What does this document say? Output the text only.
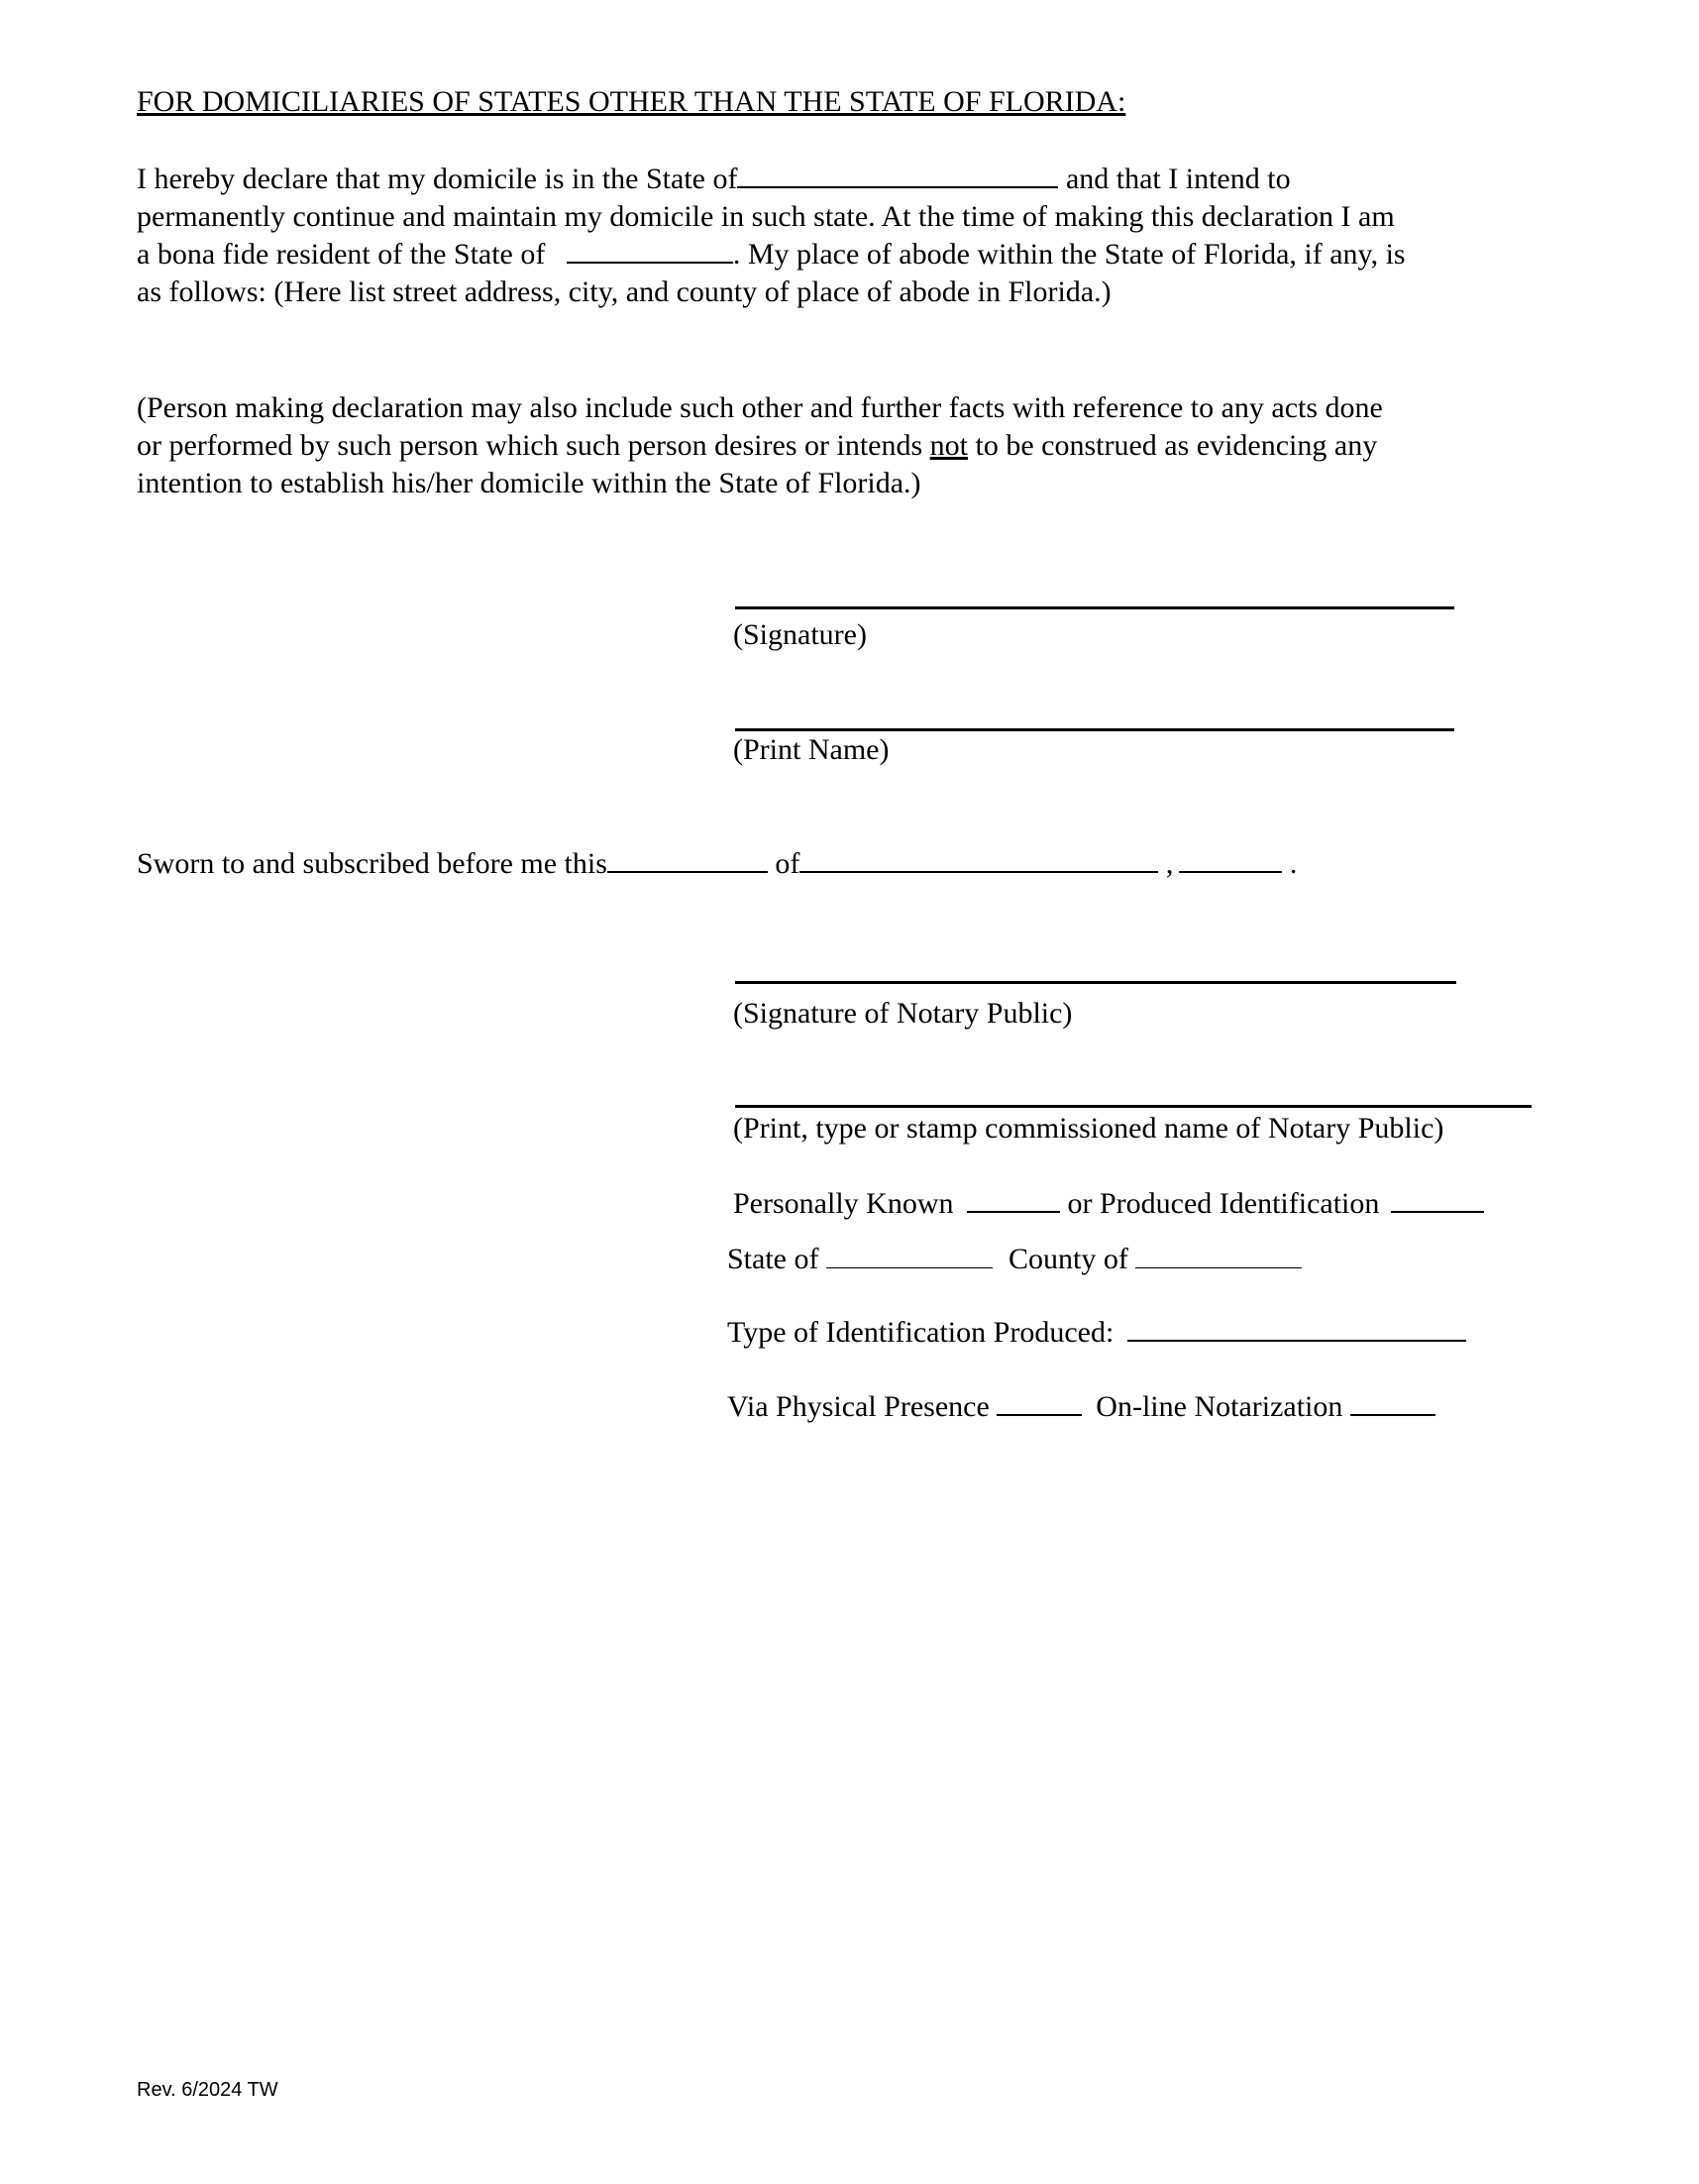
FOR DOMICILIARIES OF STATES OTHER THAN THE STATE OF FLORIDA:
I hereby declare that my domicile is in the State of	and that I intend to
permanently continue and maintain my domicile in such state. At the time of making this declaration I am
a bona fide resident of the State of	. My place of abode within the State of Florida, if any, is
as follows: (Here list street address, city, and county of place of abode in Florida.)
(Person making declaration may also include such other and further facts with reference to any acts done
or performed by such person which such person desires or intends not to be construed as evidencing any
intention to establish his/her domicile within the State of Florida.)
(Signature)
(Print Name)
Sworn to and subscribed before me this	of	,	.
(Signature of Notary Public)
(Print, type or stamp commissioned name of Notary Public)
Personally Known	or Produced Identification
State of	County of
Type of Identification Produced:
Via Physical Presence	On-line Notarization
Rev. 6/2024 TW
